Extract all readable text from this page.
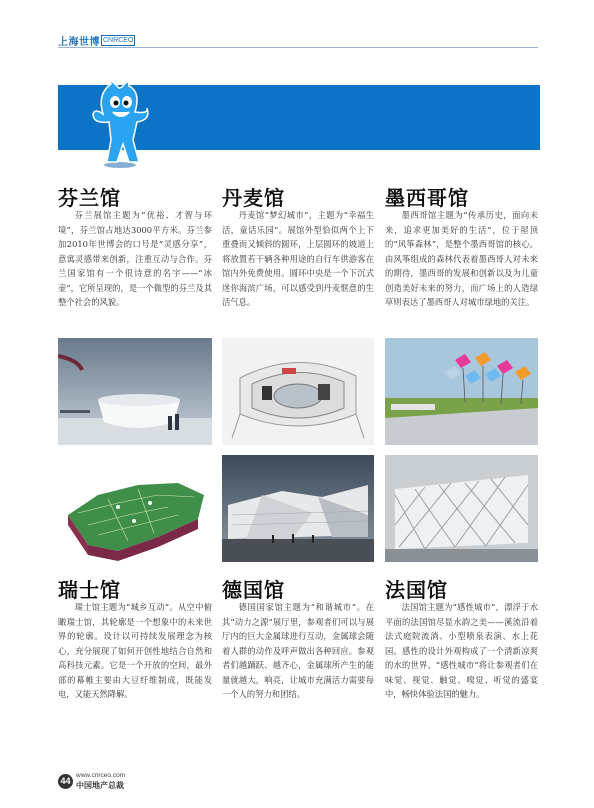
上海世博 CNRCEO
芬兰馆
芬兰展馆主题为“优裕、才智与环境”，芬兰馆占地达3000平方米。芬兰参加2010年世博会的口号是“灵感分享”，意寓灵感带来创新，注重互动与合作。芬兰国家馆有一个很诗意的名字——“冰壶”，它所呈现的，是一个微型的芬兰及其整个社会的风貌。
丹麦馆
丹麦馆“梦幻城市”，主题为“幸福生活，童话乐园”。展馆外型恰似两个上下重叠而又倾斜的圆环，上层圆环的坡道上将放置若干辆各种用途的自行车供游客在馆内外免费使用。圆环中央是一个下沉式迷你海滨广场，可以感受到丹麦惬意的生活气息。
墨西哥馆
墨西哥馆主题为“传承历史，面向未来，追求更加美好的生活”，位于屋顶的“风筝森林”，是整个墨西哥馆的核心。由风筝组成的森林代表着墨西哥人对未来的期待，墨西哥的发展和创新以及为儿童创造美好未来的努力，而广场上的人造绿草则表达了墨西哥人对城市绿地的关注。
瑞士馆
瑞士馆主题为“城乡互动”。从空中俯瞰瑞士馆，其轮廓是一个想象中的未来世界的轮廓。设计以可持续发展理念为核心，充分展现了如何开创性地结合自然和高科技元素。它是一个开放的空间，最外部的幕帷主要由大豆纤维制成，既能发电，又能天然降解。
德国馆
德国国家馆主题为“和谐城市”。在其“动力之源”展厅里，参观者们可以与展厅内的巨大金属球进行互动，金属球会随着人群的动作及呼声做出各种回应。参观者们越踊跃、越齐心，金属球所产生的能量就越大，响亮，让城市充满活力需要每一个人的努力和团结。
法国馆
法国馆主题为“感性城市”，漂浮于水平面的法国馆尽显水韵之美——溪流沿着法式庭院流淌、小型喷泉表演、水上花园。感性的设计外观构成了一个清新凉爽的水的世界。“感性城市”将让参观者们在味觉、视觉、触觉、嗅觉、听觉的盛宴中，畅快体验法国的魅力。
44
www.cnrceo.com
中国地产总裁
